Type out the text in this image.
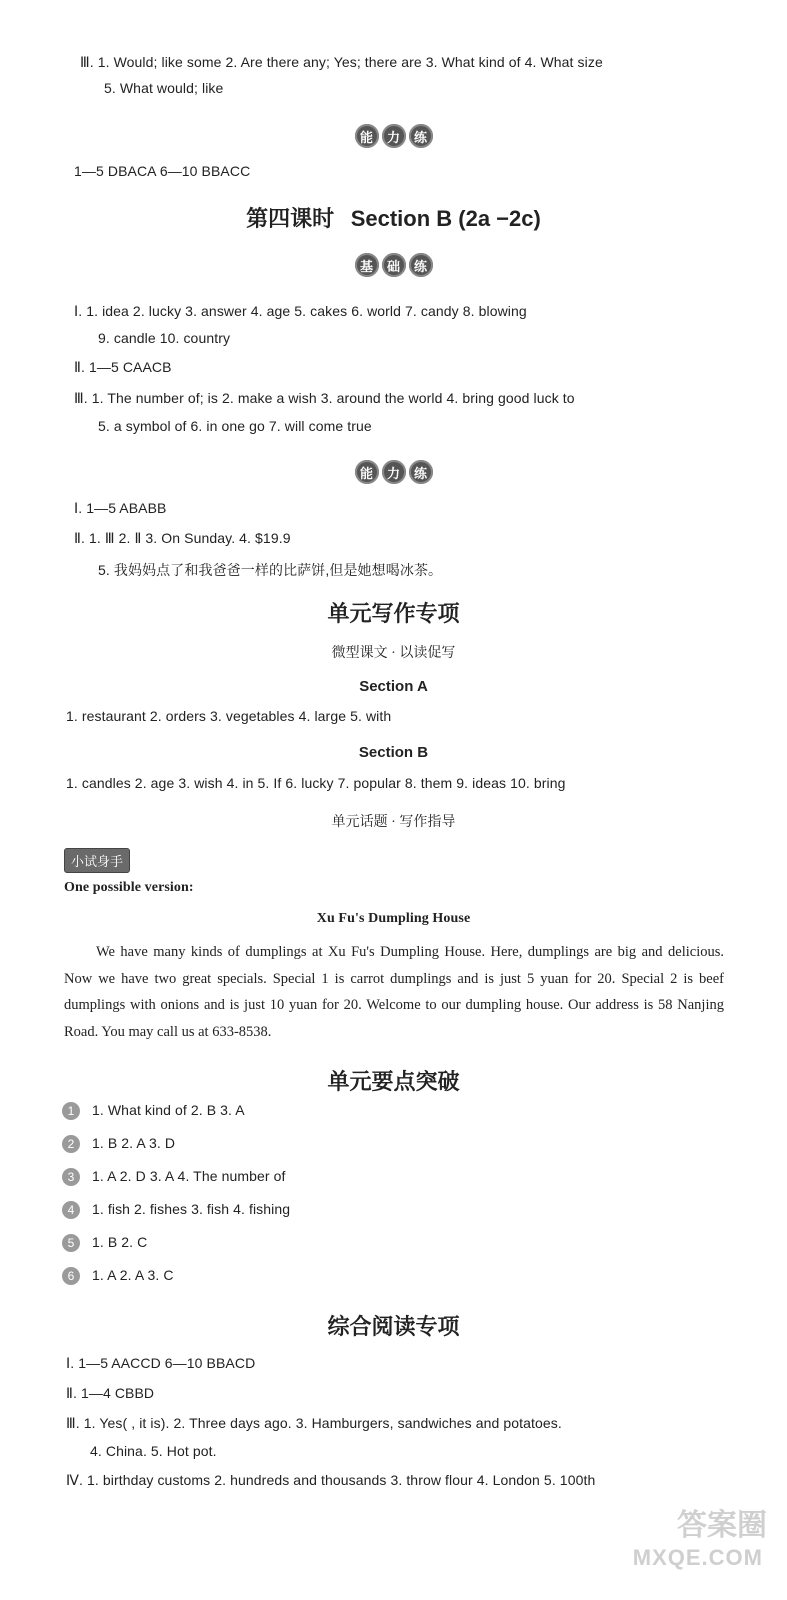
Ⅲ. 1. Would; like some 2. Are there any; Yes; there are 3. What kind of 4. What size
5. What would; like
能	力	练
1—5 DBACA 6—10 BBACC
第四课时 Section B (2a −2c)
基	础	练
Ⅰ. 1. idea 2. lucky 3. answer 4. age 5. cakes 6. world 7. candy 8. blowing
9. candle 10. country
Ⅱ. 1—5 CAACB
Ⅲ. 1. The number of; is 2. make a wish 3. around the world 4. bring good luck to
5. a symbol of 6. in one go 7. will come true
能	力	练
Ⅰ. 1—5 ABABB
Ⅱ. 1. Ⅲ 2. Ⅱ 3. On Sunday. 4. $19.9
5. 我妈妈点了和我爸爸一样的比萨饼,但是她想喝冰茶。
单元写作专项
微型课文 · 以读促写
Section A
1. restaurant 2. orders 3. vegetables 4. large 5. with
Section B
1. candles 2. age 3. wish 4. in 5. If 6. lucky 7. popular 8. them 9. ideas 10. bring
单元话题 · 写作指导
小试身手
One possible version:
Xu Fu's Dumpling House
We have many kinds of dumplings at Xu Fu's Dumpling House. Here, dumplings are big and delicious. Now we have two great specials. Special 1 is carrot dumplings and is just 5 yuan for 20. Special 2 is beef dumplings with onions and is just 10 yuan for 20. Welcome to our dumpling house. Our address is 58 Nanjing Road. You may call us at 633-8538.
单元要点突破
1 1. What kind of 2. B 3. A
2 1. B 2. A 3. D
3 1. A 2. D 3. A 4. The number of
4 1. fish 2. fishes 3. fish 4. fishing
5 1. B 2. C
6 1. A 2. A 3. C
综合阅读专项
Ⅰ. 1—5 AACCD 6—10 BBACD
Ⅱ. 1—4 CBBD
Ⅲ. 1. Yes( , it is). 2. Three days ago. 3. Hamburgers, sandwiches and potatoes.
4. China. 5. Hot pot.
Ⅳ. 1. birthday customs 2. hundreds and thousands 3. throw flour 4. London 5. 100th
答案圈
MXQE.COM
